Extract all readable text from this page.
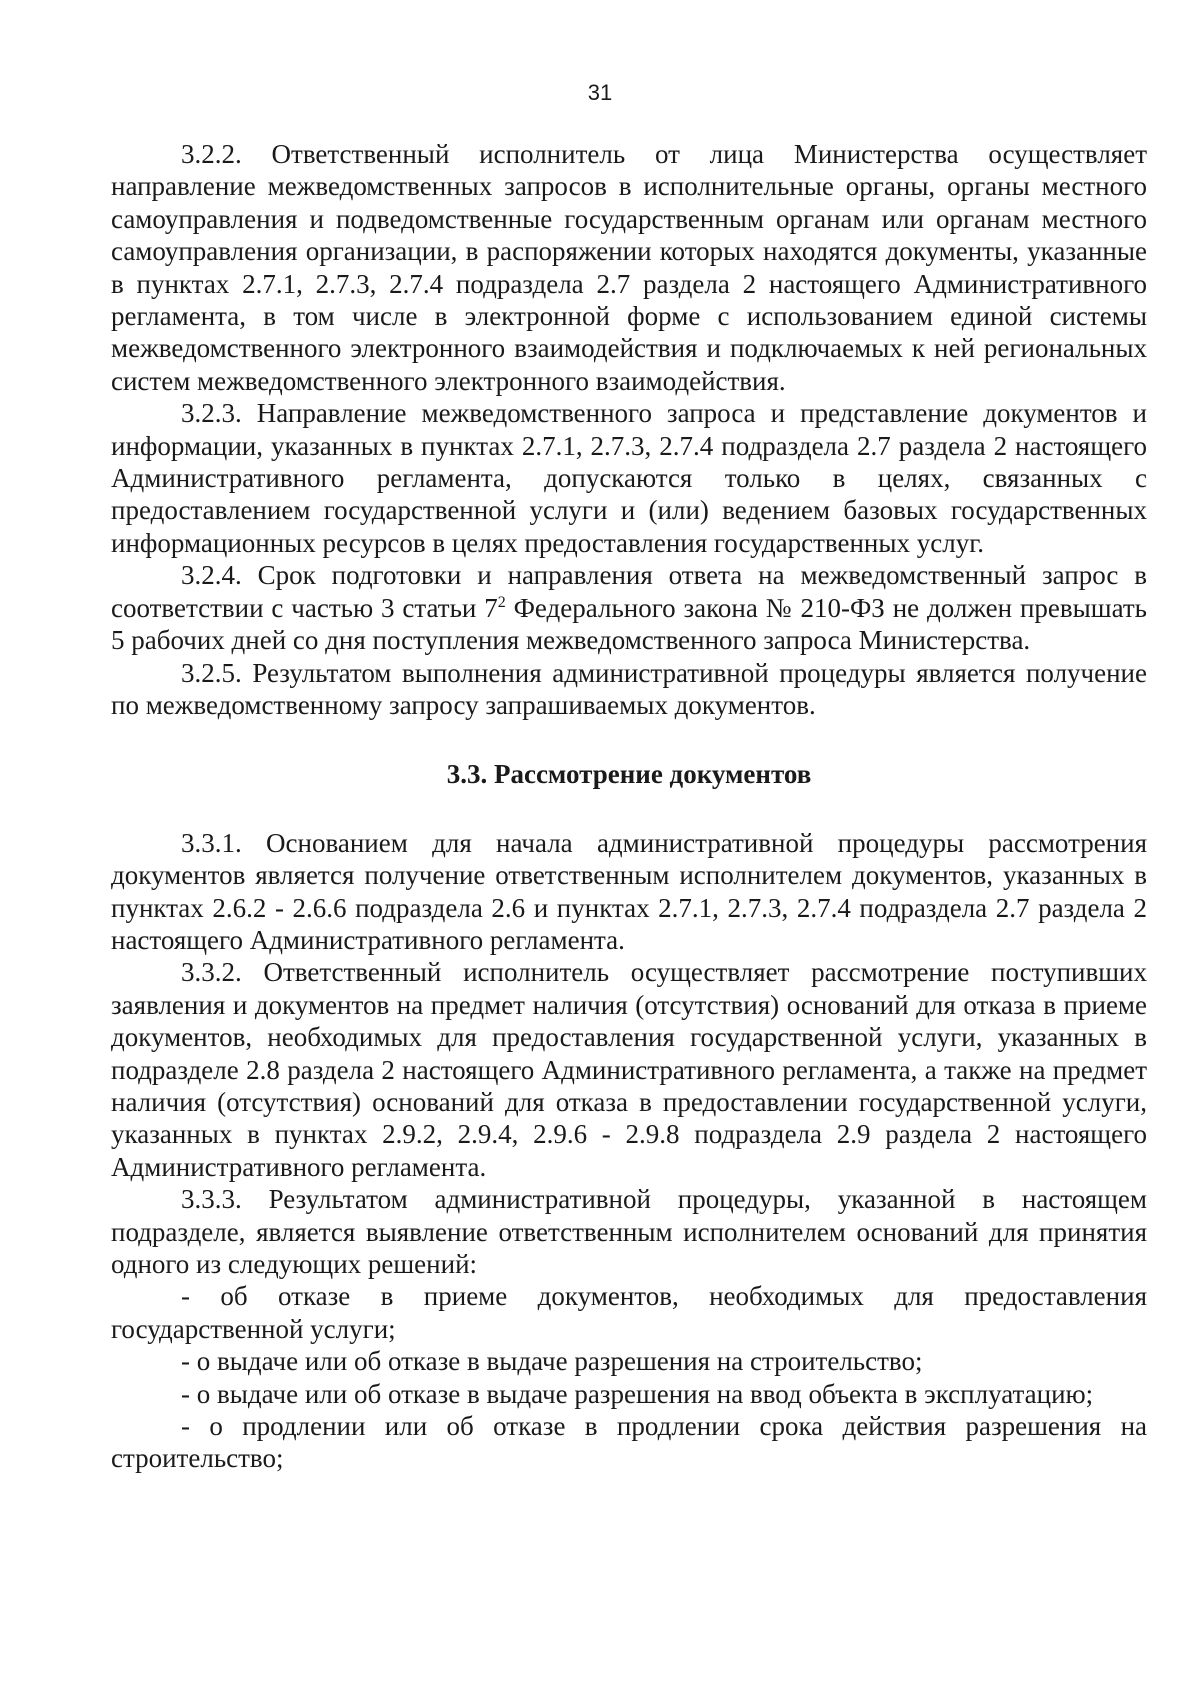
31

3.2.2. Ответственный исполнитель от лица Министерства осуществляет направление межведомственных запросов в исполнительные органы, органы местного самоуправления и подведомственные государственным органам или органам местного самоуправления организации, в распоряжении которых находятся документы, указанные в пунктах 2.7.1, 2.7.3, 2.7.4 подраздела 2.7 раздела 2 настоящего Административного регламента, в том числе в электронной форме с использованием единой системы межведомственного электронного взаимодействия и подключаемых к ней региональных систем межведомственного электронного взаимодействия.

3.2.3. Направление межведомственного запроса и представление документов и информации, указанных в пунктах 2.7.1, 2.7.3, 2.7.4 подраздела 2.7 раздела 2 настоящего Административного регламента, допускаются только в целях, связанных с предоставлением государственной услуги и (или) ведением базовых государственных информационных ресурсов в целях предоставления государственных услуг.

3.2.4. Срок подготовки и направления ответа на межведомственный запрос в соответствии с частью 3 статьи $7^2$ Федерального закона № 210-ФЗ не должен превышать 5 рабочих дней со дня поступления межведомственного запроса Министерства.

3.2.5. Результатом выполнения административной процедуры является получение по межведомственному запросу запрашиваемых документов.

3.3. Рассмотрение документов

3.3.1. Основанием для начала административной процедуры рассмотрения документов является получение ответственным исполнителем документов, указанных в пунктах 2.6.2 - 2.6.6 подраздела 2.6 и пунктах 2.7.1, 2.7.3, 2.7.4 подраздела 2.7 раздела 2 настоящего Административного регламента.

3.3.2. Ответственный исполнитель осуществляет рассмотрение поступивших заявления и документов на предмет наличия (отсутствия) оснований для отказа в приеме документов, необходимых для предоставления государственной услуги, указанных в подразделе 2.8 раздела 2 настоящего Административного регламента, а также на предмет наличия (отсутствия) оснований для отказа в предоставлении государственной услуги, указанных в пунктах 2.9.2, 2.9.4, 2.9.6 - 2.9.8 подраздела 2.9 раздела 2 настоящего Административного регламента.

3.3.3. Результатом административной процедуры, указанной в настоящем подразделе, является выявление ответственным исполнителем оснований для принятия одного из следующих решений:

- об отказе в приеме документов, необходимых для предоставления государственной услуги;

- о выдаче или об отказе в выдаче разрешения на строительство;

- о выдаче или об отказе в выдаче разрешения на ввод объекта в эксплуатацию;

- о продлении или об отказе в продлении срока действия разрешения на строительство;
